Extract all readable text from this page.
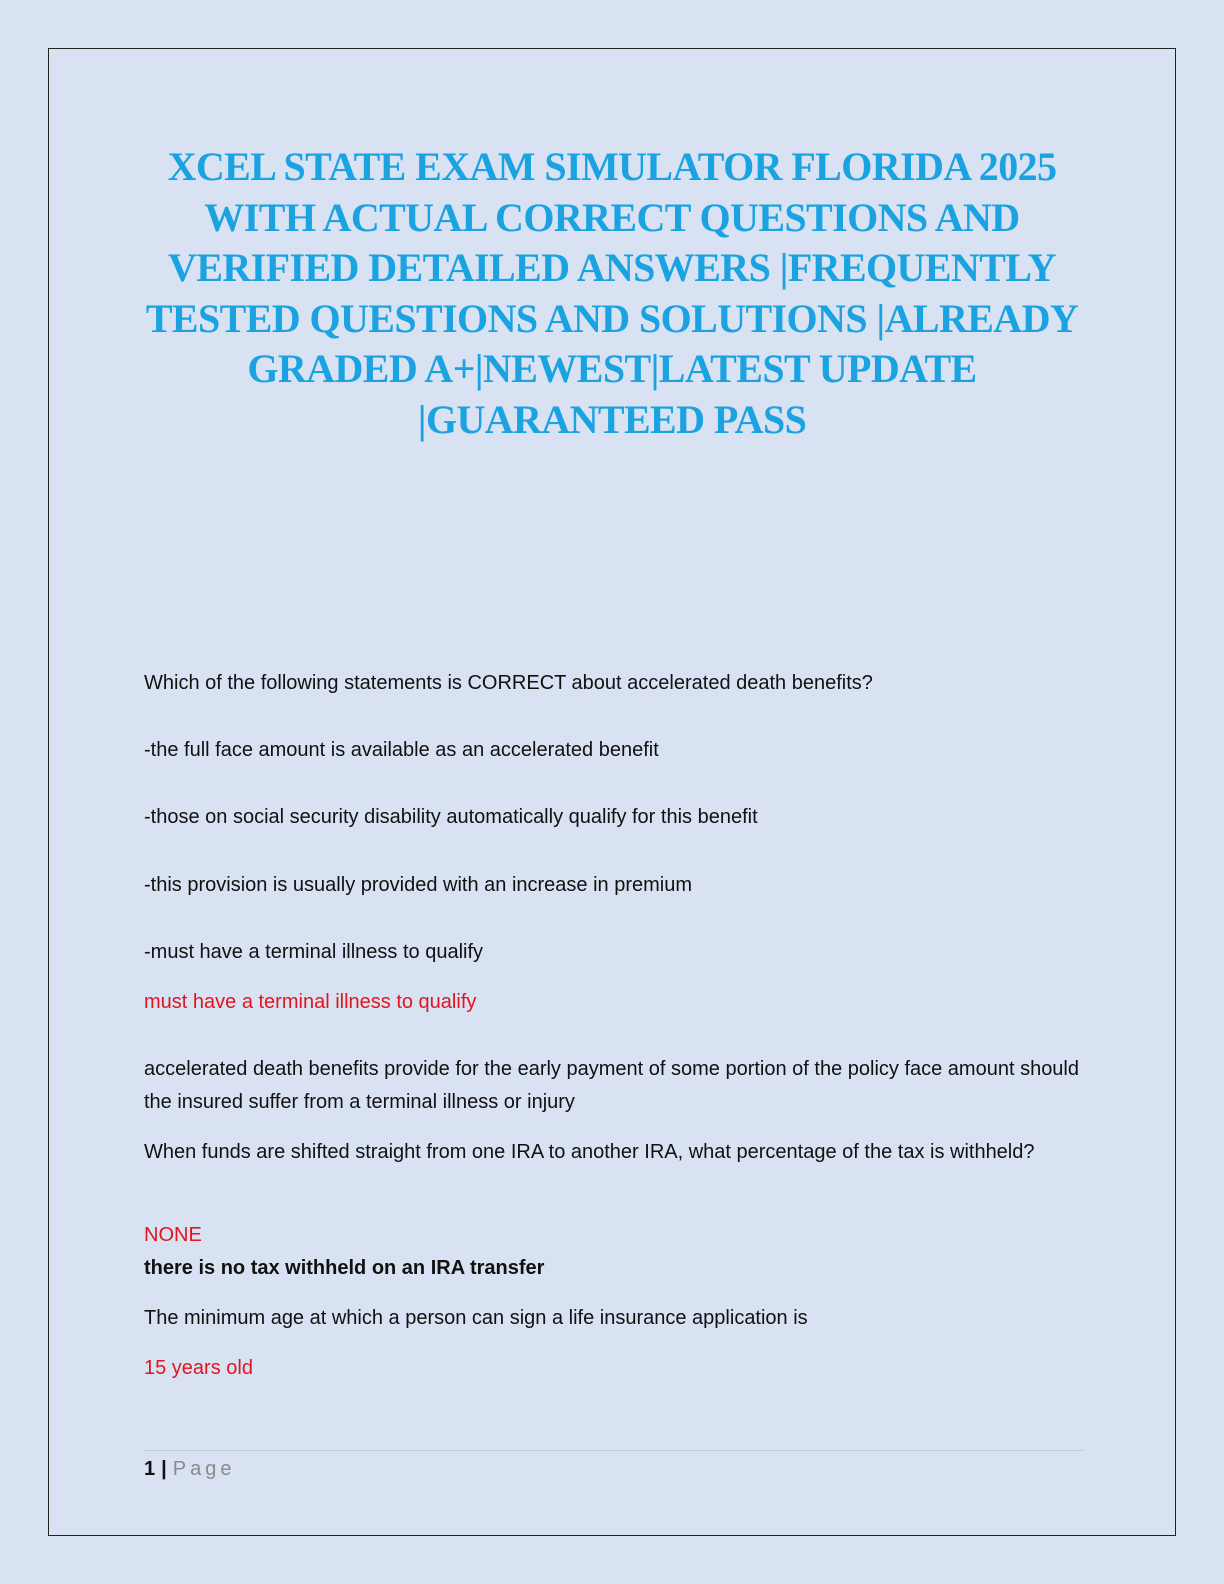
XCEL STATE EXAM SIMULATOR FLORIDA 2025 WITH ACTUAL CORRECT QUESTIONS AND VERIFIED DETAILED ANSWERS |FREQUENTLY TESTED QUESTIONS AND SOLUTIONS |ALREADY GRADED A+|NEWEST|LATEST UPDATE |GUARANTEED PASS

Which of the following statements is CORRECT about accelerated death benefits?

-the full face amount is available as an accelerated benefit

-those on social security disability automatically qualify for this benefit

-this provision is usually provided with an increase in premium

-must have a terminal illness to qualify

must have a terminal illness to qualify

accelerated death benefits provide for the early payment of some portion of the policy face amount should the insured suffer from a terminal illness or injury

When funds are shifted straight from one IRA to another IRA, what percentage of the tax is withheld?

NONE

there is no tax withheld on an IRA transfer

The minimum age at which a person can sign a life insurance application is

15 years old

1 | Page
